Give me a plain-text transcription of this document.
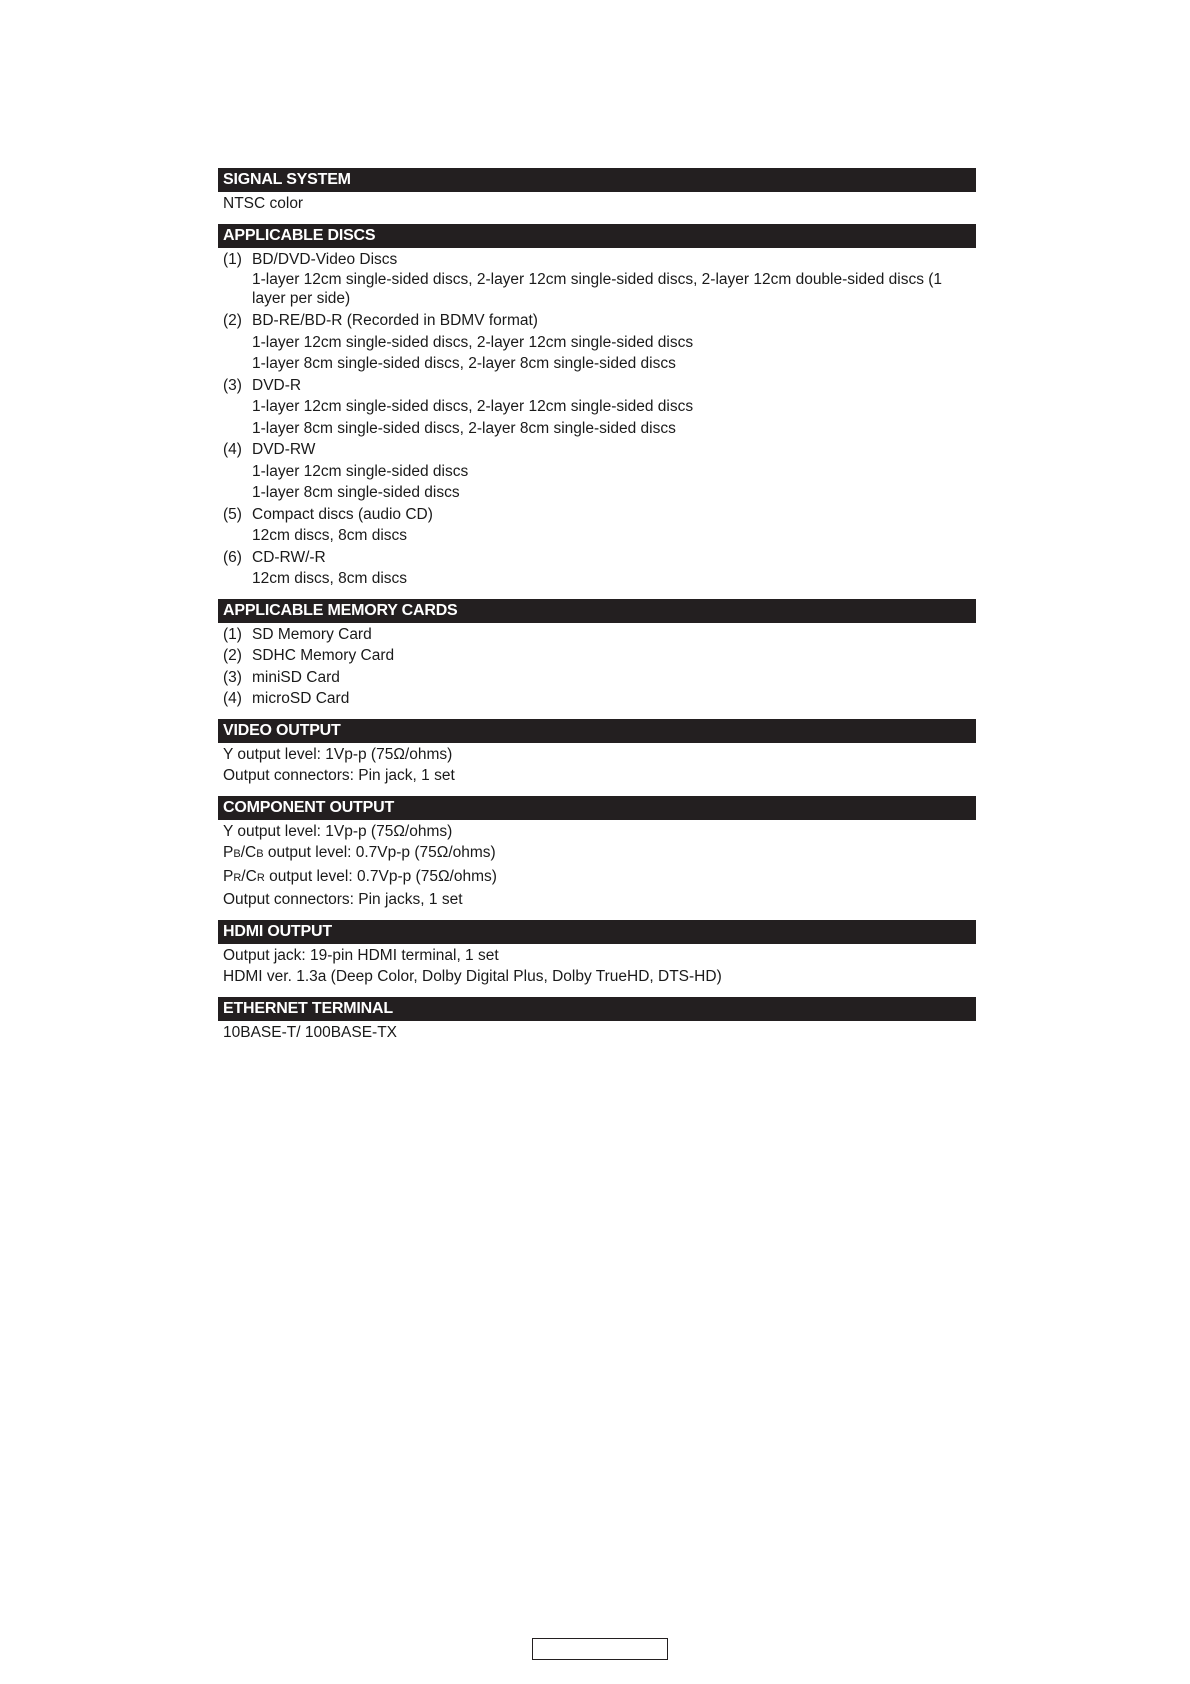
SIGNAL SYSTEM
NTSC color
APPLICABLE DISCS
(1) BD/DVD-Video Discs
1-layer 12cm single-sided discs, 2-layer 12cm single-sided discs, 2-layer 12cm double-sided discs (1 layer per side)
(2) BD-RE/BD-R (Recorded in BDMV format)
1-layer 12cm single-sided discs, 2-layer 12cm single-sided discs
1-layer 8cm single-sided discs, 2-layer 8cm single-sided discs
(3) DVD-R
1-layer 12cm single-sided discs, 2-layer 12cm single-sided discs
1-layer 8cm single-sided discs, 2-layer 8cm single-sided discs
(4) DVD-RW
1-layer 12cm single-sided discs
1-layer 8cm single-sided discs
(5) Compact discs (audio CD)
12cm discs, 8cm discs
(6) CD-RW/-R
12cm discs, 8cm discs
APPLICABLE MEMORY CARDS
(1) SD Memory Card
(2) SDHC Memory Card
(3) miniSD Card
(4) microSD Card
VIDEO OUTPUT
Y output level: 1Vp-p (75Ω/ohms)
Output connectors: Pin jack, 1 set
COMPONENT OUTPUT
Y output level: 1Vp-p (75Ω/ohms)
PB/CB output level: 0.7Vp-p (75Ω/ohms)
PR/CR output level: 0.7Vp-p (75Ω/ohms)
Output connectors: Pin jacks, 1 set
HDMI OUTPUT
Output jack: 19-pin HDMI terminal, 1 set
HDMI ver. 1.3a (Deep Color, Dolby Digital Plus, Dolby TrueHD, DTS-HD)
ETHERNET TERMINAL
10BASE-T/ 100BASE-TX
